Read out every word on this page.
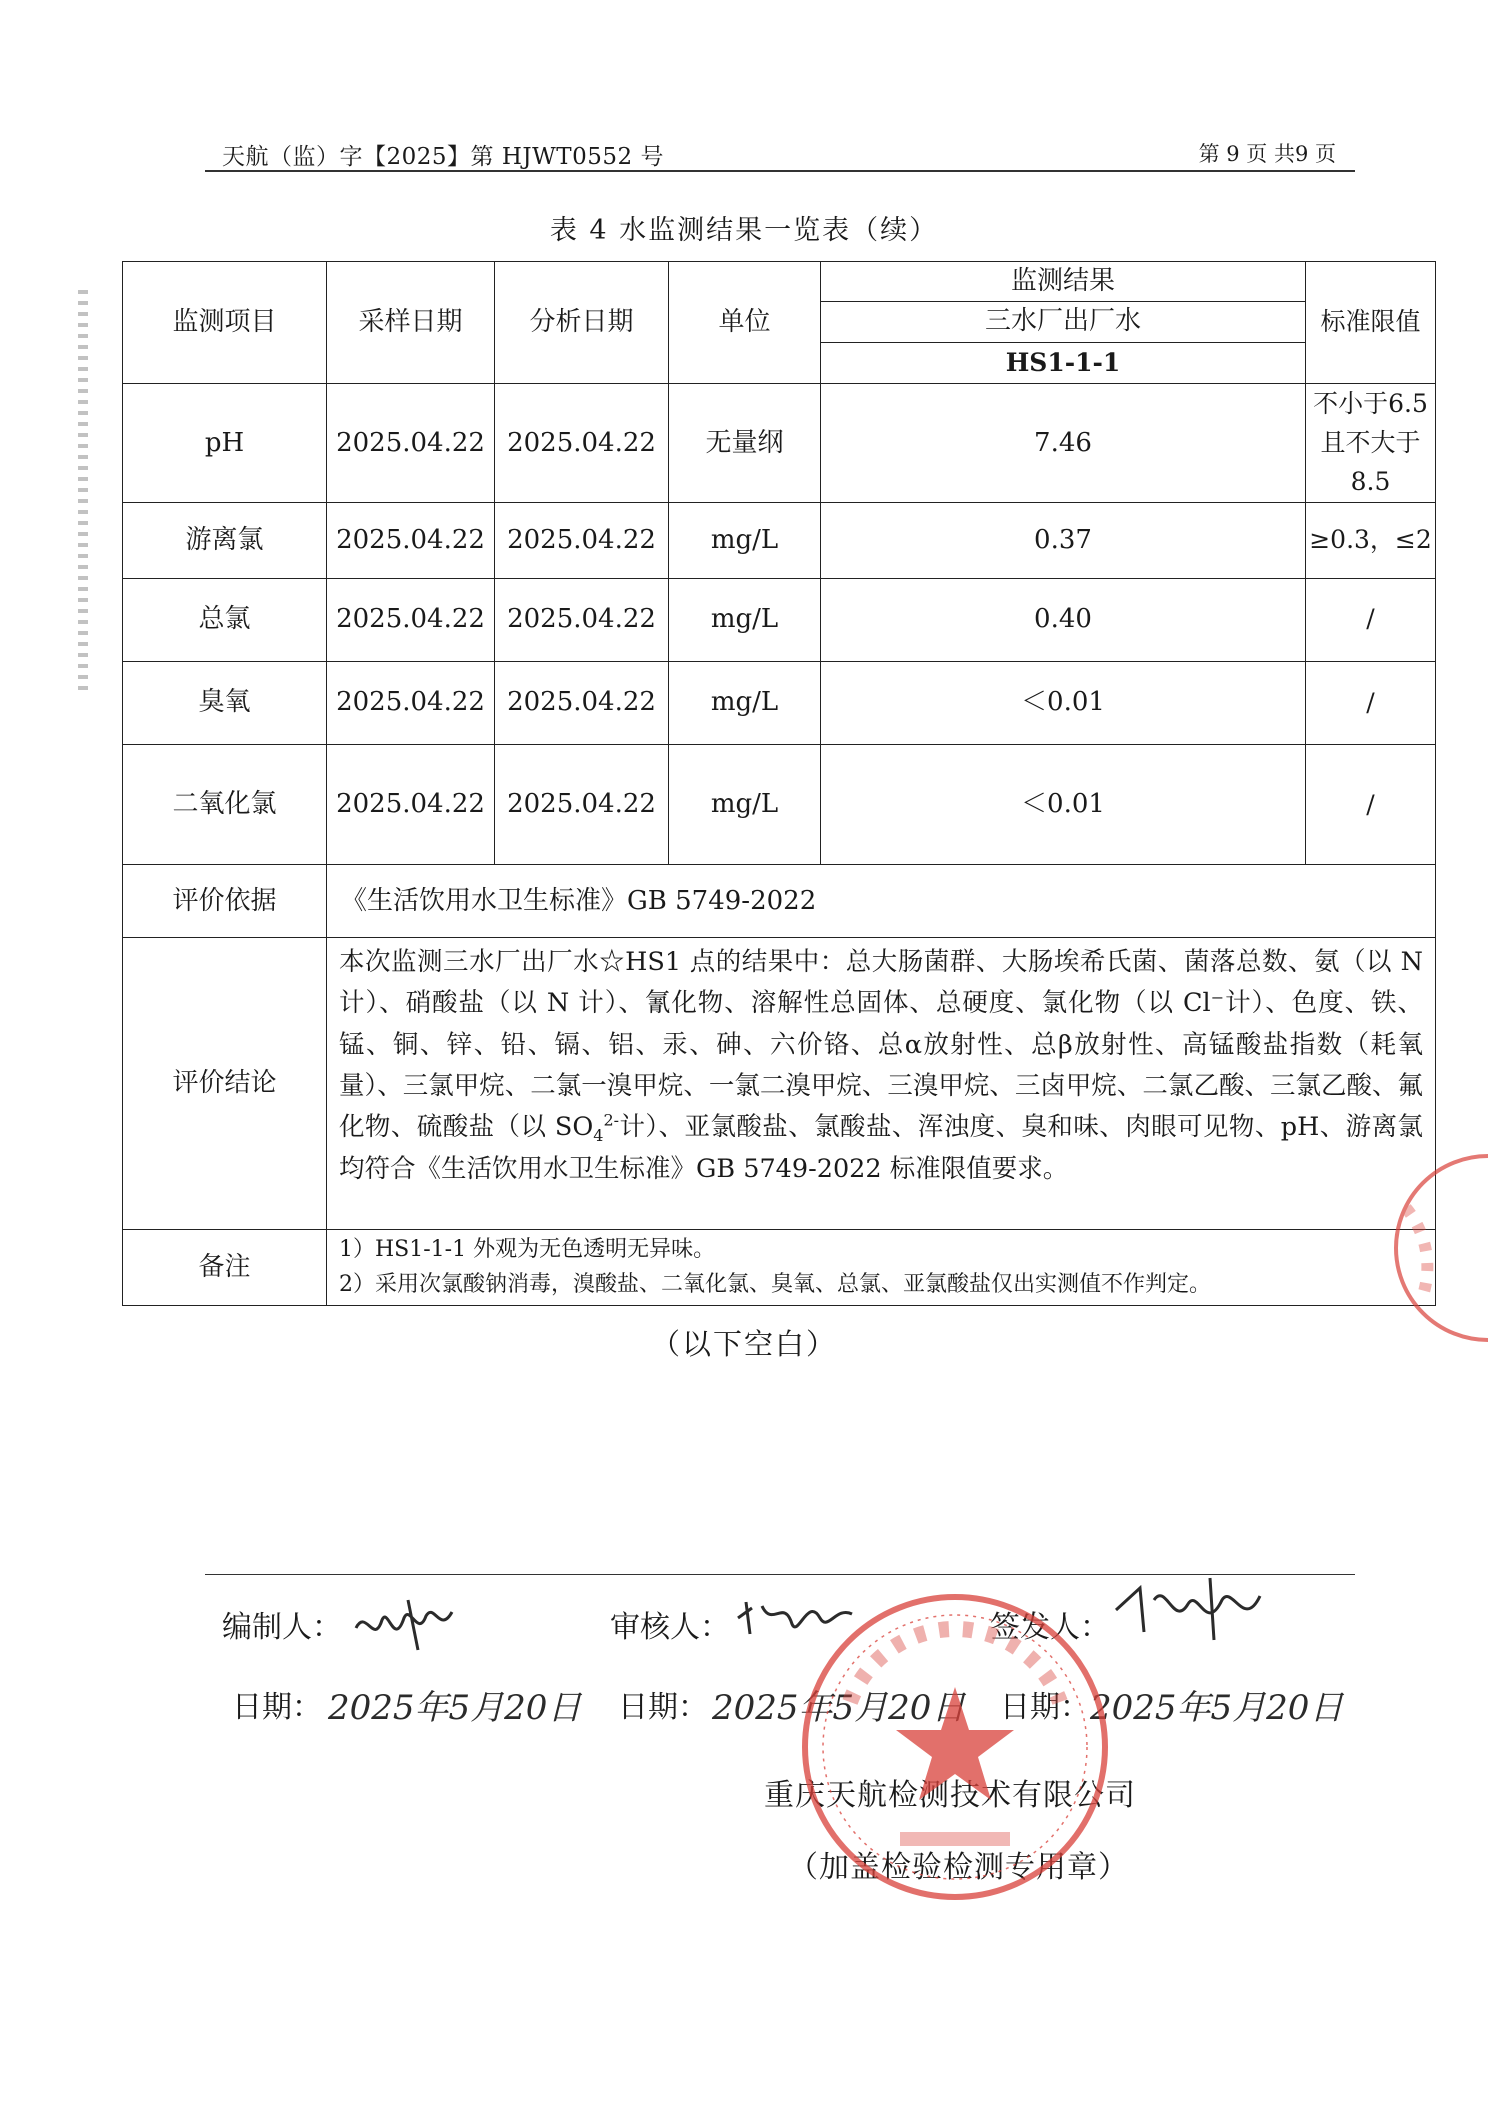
天航（监）字【2025】第 HJWT0552 号	第 9 页 共9 页
表 4 水监测结果一览表（续）
监测项目	采样日期	分析日期	单位	监测结果	标准限值
				三水厂出厂水	
				HS1-1-1	
pH	2025.04.22	2025.04.22	无量纲	7.46	不小于6.5 且不大于 8.5
游离氯	2025.04.22	2025.04.22	mg/L	0.37	≥0.3，≤2
总氯	2025.04.22	2025.04.22	mg/L	0.40	/
臭氧	2025.04.22	2025.04.22	mg/L	＜0.01	/
二氧化氯	2025.04.22	2025.04.22	mg/L	＜0.01	/
评价依据	《生活饮用水卫生标准》GB 5749-2022				
评价结论	本次监测三水厂出厂水☆HS1 点的结果中：总大肠菌群、大肠埃希氏菌、菌落总数、氨（以 N 计）、硝酸盐（以 N 计）、氰化物、溶解性总固体、总硬度、氯化物（以 Cl⁻计）、色度、铁、锰、铜、锌、铅、镉、铝、汞、砷、六价铬、总α放射性、总β放射性、高锰酸盐指数（耗氧量）、三氯甲烷、二氯一溴甲烷、一氯二溴甲烷、三溴甲烷、三卤甲烷、二氯乙酸、三氯乙酸、氟化物、硫酸盐（以 $SO_4^{2-}$计）、亚氯酸盐、氯酸盐、浑浊度、臭和味、肉眼可见物、pH、游离氯均符合《生活饮用水卫生标准》GB 5749-2022 标准限值要求。				
备注	1）HS1-1-1 外观为无色透明无异味。
2）采用次氯酸钠消毒，溴酸盐、二氧化氯、臭氧、总氯、亚氯酸盐仅出实测值不作判定。				
（以下空白）
编制人：	审核人：	签发人：
日期： 2025年5月20日 日期： 2025年5月20日 日期： 2025年5月20日
重庆天航检测技术有限公司
（加盖检验检测专用章）
